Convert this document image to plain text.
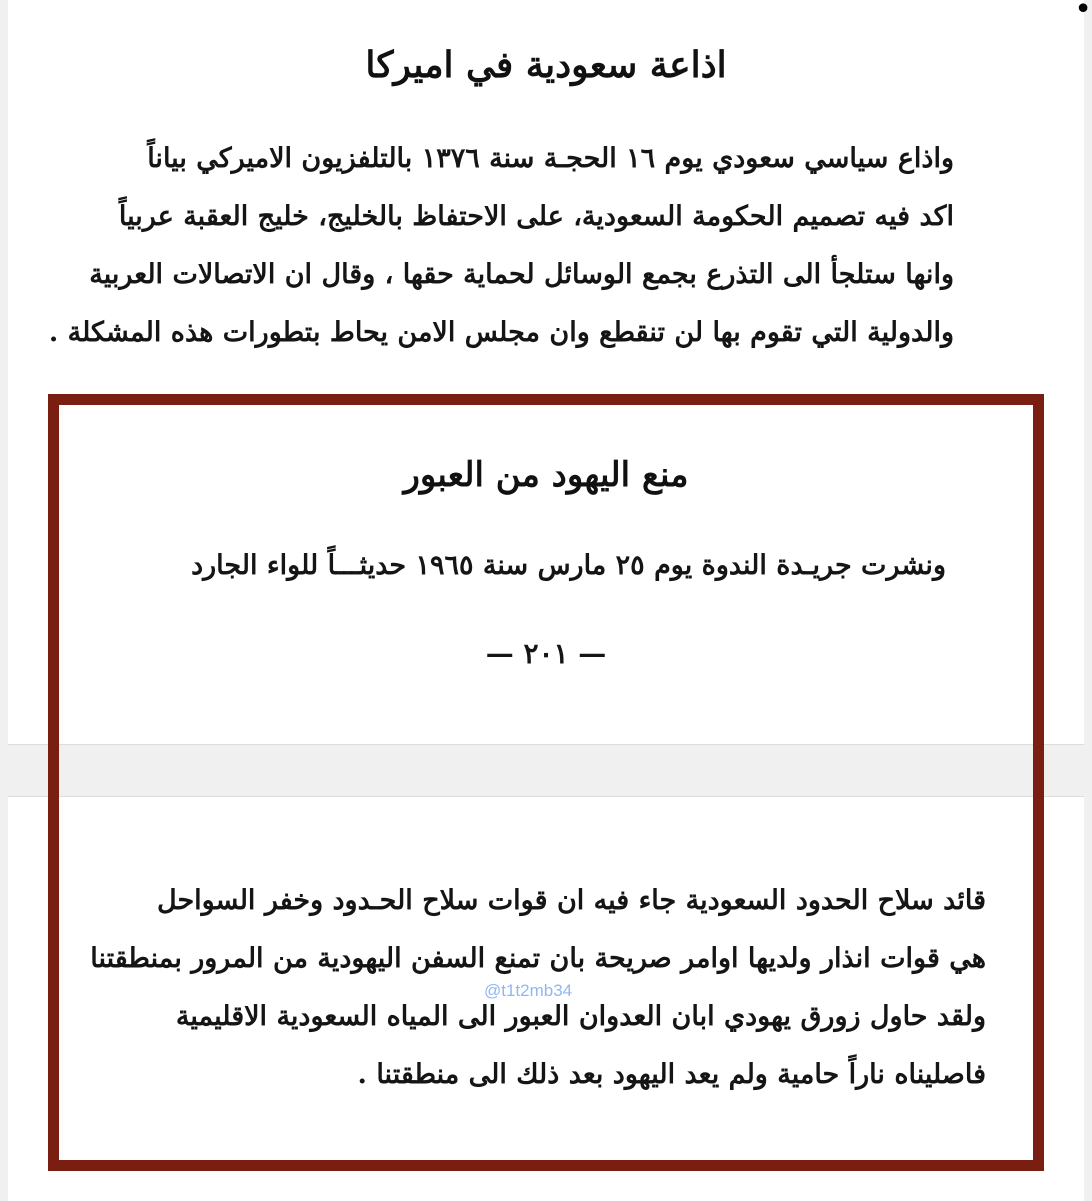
•
اذاعة سعودية في اميركا
واذاع سياسي سعودي يوم ١٦ الحجـة سنة ١٣٧٦ بالتلفزيون الاميركي بياناً
اكد فيه تصميم الحكومة السعودية، على الاحتفاظ بالخليج، خليج العقبة عربياً
وانها ستلجأ الى التذرع بجمع الوسائل لحماية حقها ، وقال ان الاتصالات العربية
والدولية التي تقوم بها لن تنقطع وان مجلس الامن يحاط بتطورات هذه المشكلة .
منع اليهود من العبور
ونشرت جريـدة الندوة يوم ٢٥ مارس سنة ١٩٦٥ حديثـــاً للواء الجارد
— ٢٠١ —
قائد سلاح الحدود السعودية جاء فيه ان قوات سلاح الحـدود وخفر السواحل
هي قوات انذار ولديها اوامر صريحة بان تمنع السفن اليهودية من المرور بمنطقتنا
ولقد حاول زورق يهودي ابان العدوان العبور الى المياه السعودية الاقليمية
فاصليناه ناراً حامية ولم يعد اليهود بعد ذلك الى منطقتنا .
@t1t2mb34
